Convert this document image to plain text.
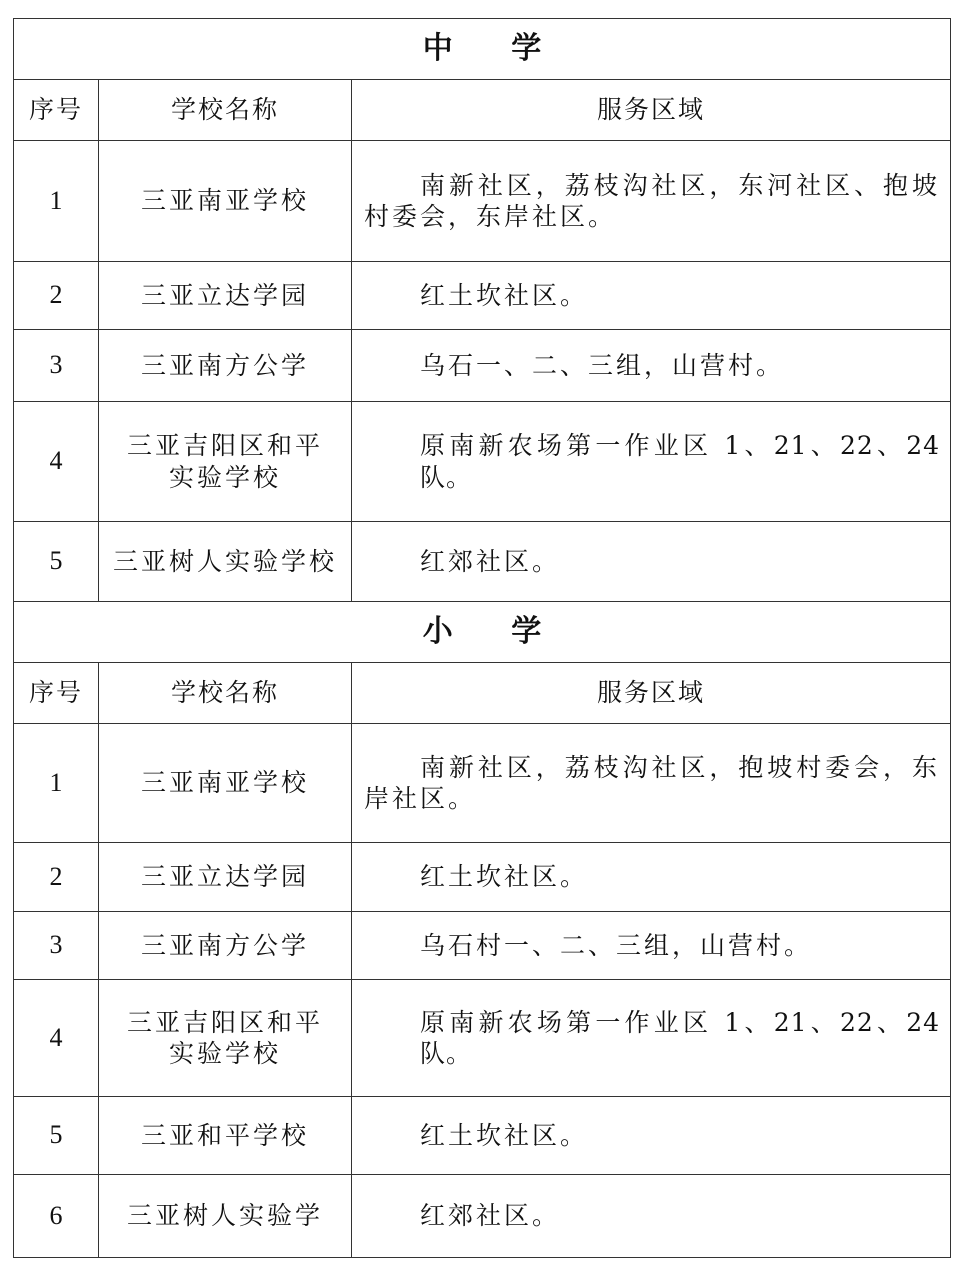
中 学		
序号	学校名称	服务区域
1	三亚南亚学校	南新社区，荔枝沟社区，东河社区、抱坡村委会，东岸社区。
2	三亚立达学园	红土坎社区。
3	三亚南方公学	乌石一、二、三组，山营村。
4	三亚吉阳区和平实验学校	原南新农场第一作业区 1、21、22、24 队。
5	三亚树人实验学校	红郊社区。
小 学		
序号	学校名称	服务区域
1	三亚南亚学校	南新社区，荔枝沟社区，抱坡村委会，东岸社区。
2	三亚立达学园	红土坎社区。
3	三亚南方公学	乌石村一、二、三组，山营村。
4	三亚吉阳区和平实验学校	原南新农场第一作业区 1、21、22、24 队。
5	三亚和平学校	红土坎社区。
6	三亚树人实验学	红郊社区。
